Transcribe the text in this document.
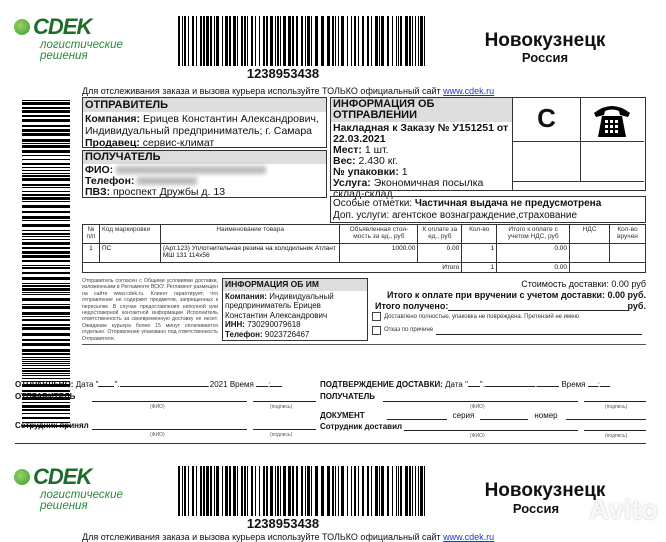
CDEK
логистические
решения
1238953438
Новокузнецк
Россия
Для отслеживания заказа и вызова курьера используйте ТОЛЬКО официальный сайт www.cdek.ru
ОТПРАВИТЕЛЬ
Компания: Ерицев Константин Александрович, Индивидуальный предприниматель; г. Самара
Продавец: сервис-климат
ПОЛУЧАТЕЛЬ
ФИО:
Телефон:
ПВЗ: проспект Дружбы д. 13
ИНФОРМАЦИЯ ОБ ОТПРАВЛЕНИИ
Накладная к Заказу № У151251 от 22.03.2021
Мест: 1 шт.
Вес: 2.430 кг.
№ упаковки: 1
Услуга: Экономичная посылка склад-склад
С
Особые отметки: Частичная выдача не предусмотрена
Доп. услуги: агентское вознаграждение,страхование
№ п/п	Код маркировки	Наименование товара	Объявленная стои-мость за ед., руб	К оплате за ед., руб	Кол-во	Итого к оплате с учетом НДС, руб	НДС	Кол-во вручен
1	ПС	(Арт.123) Уплотнительная резина на холодильник Атлант МШ 131 114х56	1000.00	0.00	1	0.00		
Итого					1	0.00		
Отправитель согласен с Общими условиями доставки, изложенными в Регламенте ВСКУ. Регламент размещен на сайте www.cdek.ru. Клиент гарантирует, что отправление не содержит предметов, запрещенных к пересылке. В случае предоставления неполной или недостоверной контактной информации Исполнитель ответственность за своевременную доставку не несет. Ожидание курьера более 15 минут оплачивается отдельно. Отправление упаковано под ответственность Отправителя.
ИНФОРМАЦИЯ ОБ ИМ
Компания: Индивидуальный предприниматель Ерицев Константин Александрович
ИНН: 730290079618
Телефон: 9023726467
Стоимость доставки: 0.00 руб
Итого к оплате при вручении с учетом доставки: 0.00 руб.
Итого получено:	руб.
Доставлено полностью, упаковка не повреждена. Претензий не имею
Отказ по причине
ОТПРАВЛЕНО: Дата " ".	.2021 Время :
ОТПРАВИТЕЛЬ
(ФИО)	(подпись)
Сотрудник принял
(ФИО)	(подпись)
ПОДТВЕРЖДЕНИЕ ДОСТАВКИ: Дата " ".	.	Время :
ПОЛУЧАТЕЛЬ
(ФИО)	(подпись)
ДОКУМЕНТ	серия	номер
Сотрудник доставил
(ФИО)	(подпись)
CDEK
логистические
решения
1238953438
Новокузнецк
Россия
Для отслеживания заказа и вызова курьера используйте ТОЛЬКО официальный сайт www.cdek.ru
Avito
